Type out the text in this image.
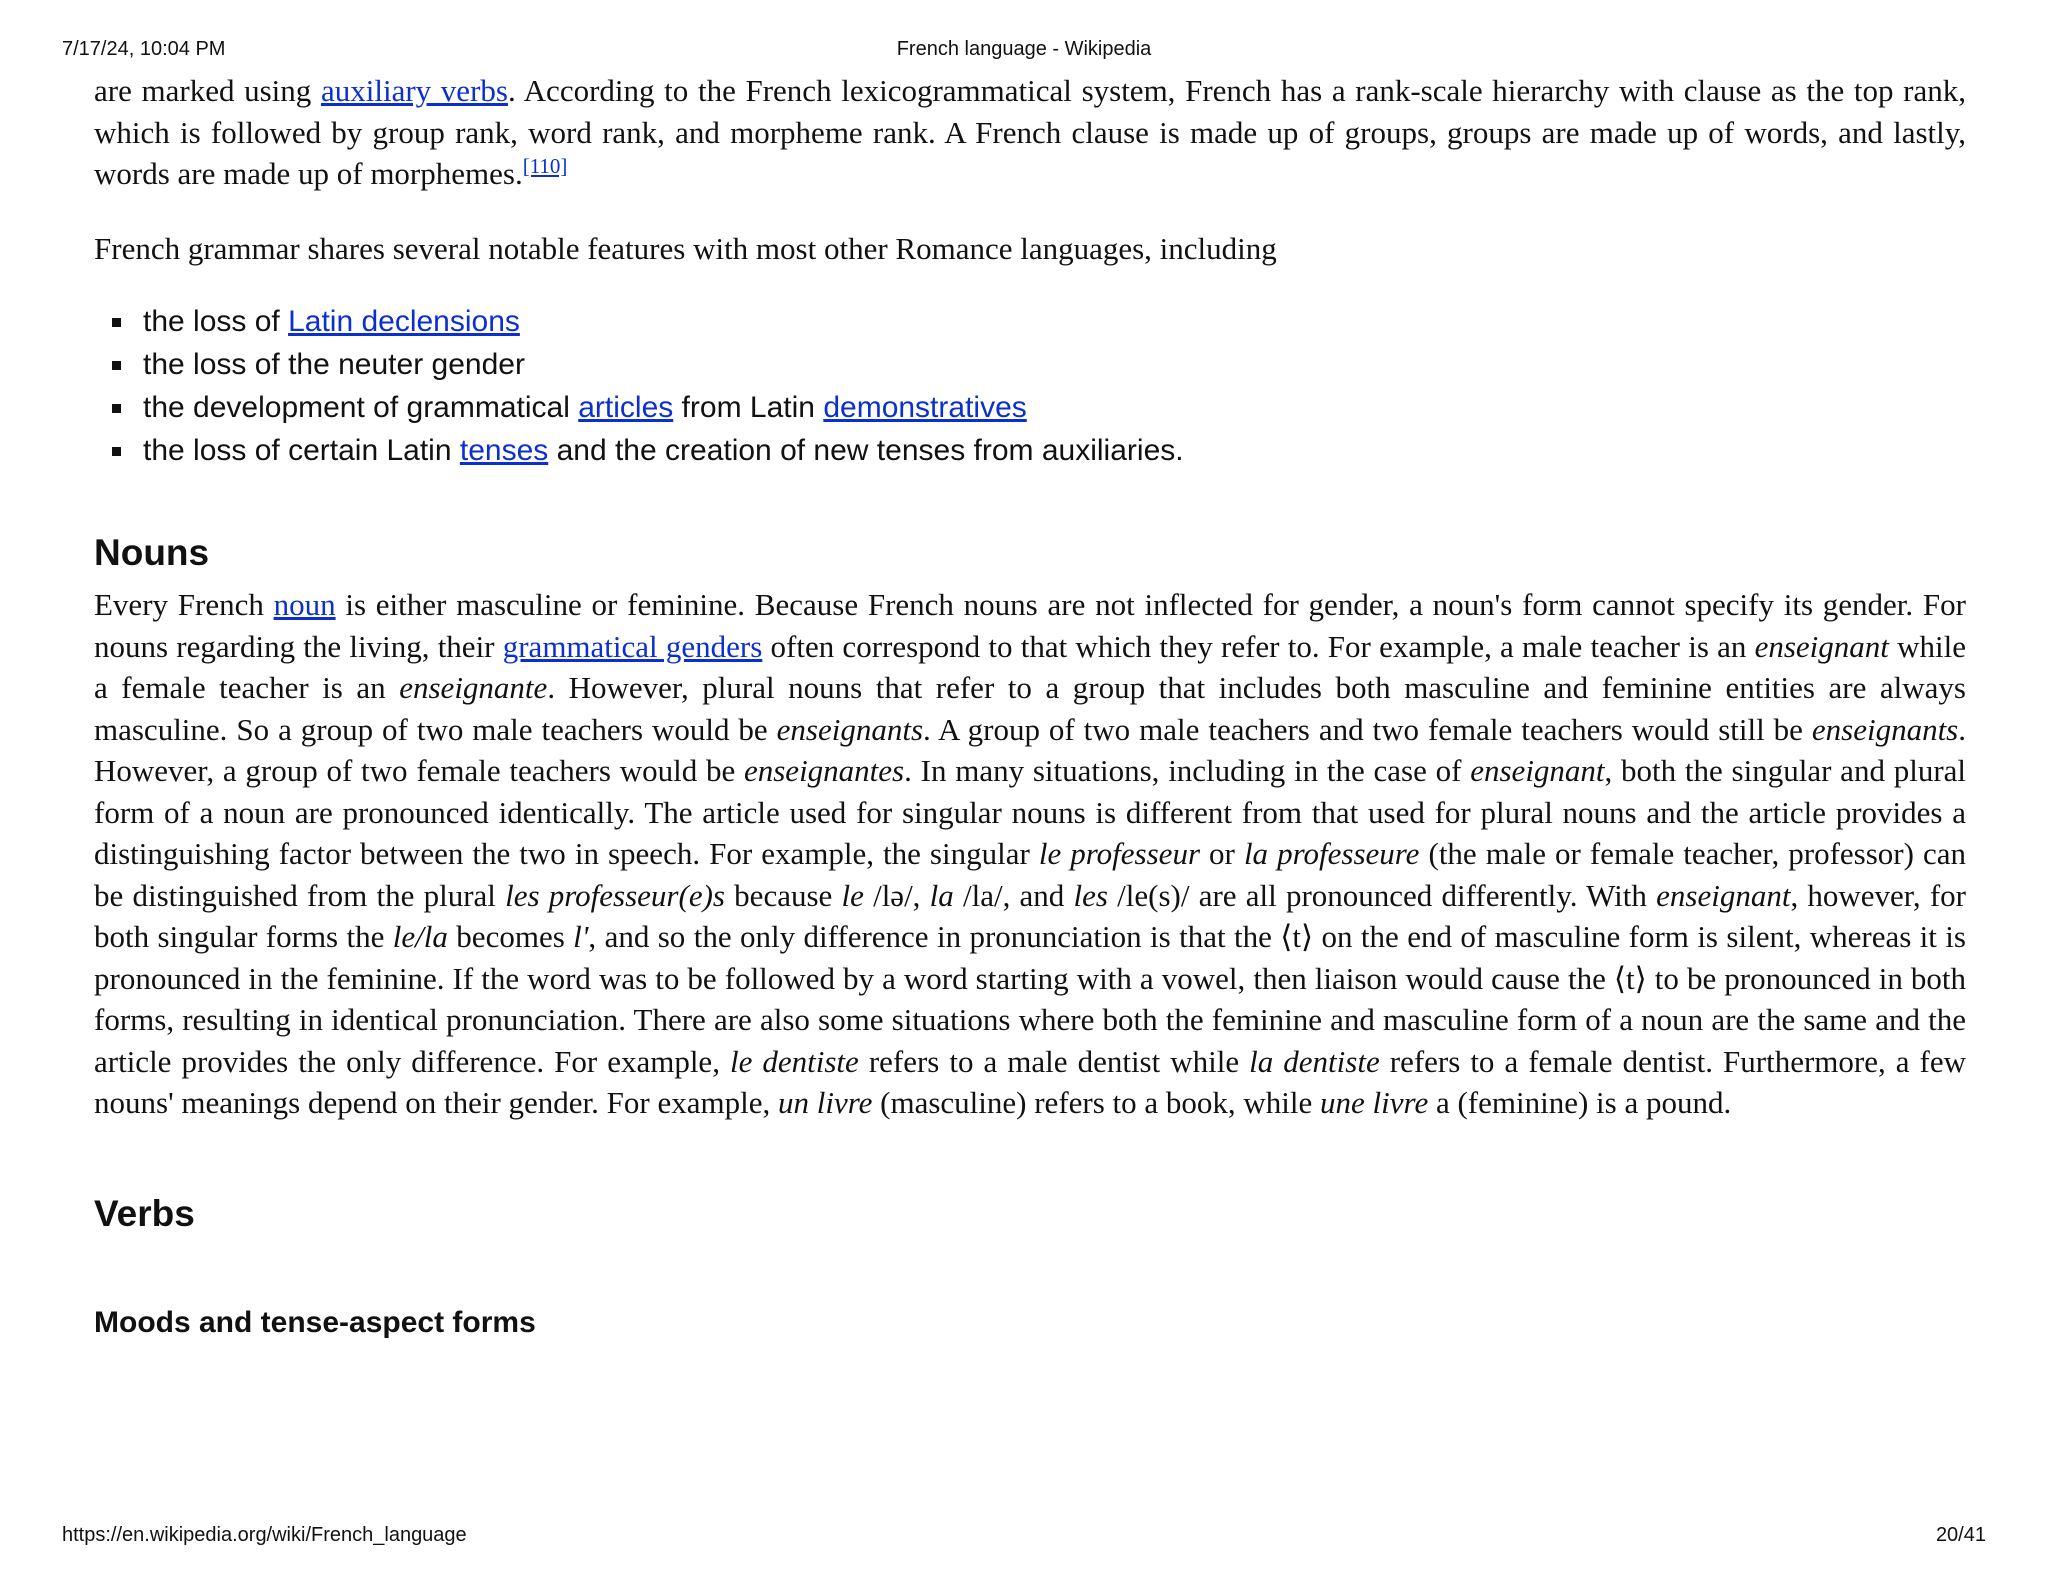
7/17/24, 10:04 PM	French language - Wikipedia

are marked using auxiliary verbs. According to the French lexicogrammatical system, French has a rank-scale hierarchy with clause as the top rank, which is followed by group rank, word rank, and morpheme rank. A French clause is made up of groups, groups are made up of words, and lastly, words are made up of morphemes.[110]

French grammar shares several notable features with most other Romance languages, including

the loss of Latin declensions
the loss of the neuter gender
the development of grammatical articles from Latin demonstratives
the loss of certain Latin tenses and the creation of new tenses from auxiliaries.
Nouns

Every French noun is either masculine or feminine. Because French nouns are not inflected for gender, a noun's form cannot specify its gender. For nouns regarding the living, their grammatical genders often correspond to that which they refer to. For example, a male teacher is an enseignant while a female teacher is an enseignante. However, plural nouns that refer to a group that includes both masculine and feminine entities are always masculine. So a group of two male teachers would be enseignants. A group of two male teachers and two female teachers would still be enseignants. However, a group of two female teachers would be enseignantes. In many situations, including in the case of enseignant, both the singular and plural form of a noun are pronounced identically. The article used for singular nouns is different from that used for plural nouns and the article provides a distinguishing factor between the two in speech. For example, the singular le professeur or la professeure (the male or female teacher, professor) can be distinguished from the plural les professeur(e)s because le /lə/, la /la/, and les /le(s)/ are all pronounced differently. With enseignant, however, for both singular forms the le/la becomes l', and so the only difference in pronunciation is that the ⟨t⟩ on the end of masculine form is silent, whereas it is pronounced in the feminine. If the word was to be followed by a word starting with a vowel, then liaison would cause the ⟨t⟩ to be pronounced in both forms, resulting in identical pronunciation. There are also some situations where both the feminine and masculine form of a noun are the same and the article provides the only difference. For example, le dentiste refers to a male dentist while la dentiste refers to a female dentist. Furthermore, a few nouns' meanings depend on their gender. For example, un livre (masculine) refers to a book, while une livre a (feminine) is a pound.

Verbs
Moods and tense-aspect forms
https://en.wikipedia.org/wiki/French_language	20/41
